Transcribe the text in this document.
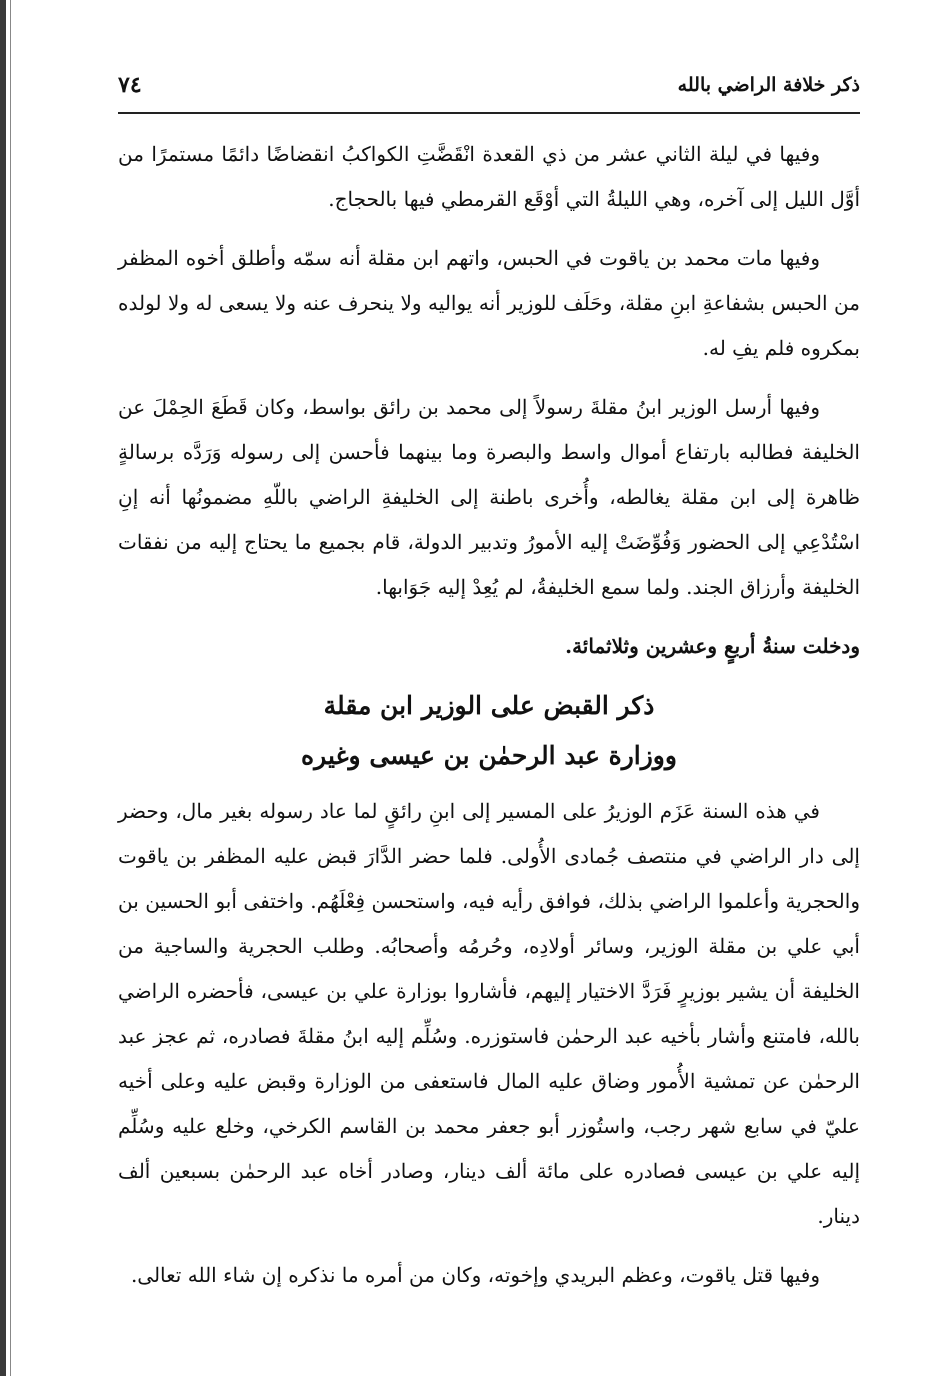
ذكر خلافة الراضي بالله
٧٤

وفيها في ليلة الثاني عشر من ذي القعدة انْقَضَّتِ الكواكبُ انقضاضًا دائمًا مستمرًا من أوَّل الليل إلى آخره، وهي الليلةُ التي أوْقَع القرمطي فيها بالحجاج.

وفيها مات محمد بن ياقوت في الحبس، واتهم ابن مقلة أنه سمّه وأطلق أخوه المظفر من الحبس بشفاعةِ ابنِ مقلة، وحَلَف للوزير أنه يواليه ولا ينحرف عنه ولا يسعى له ولا لولده بمكروه فلم يفِ له.

وفيها أرسل الوزير ابنُ مقلةَ رسولاً إلى محمد بن رائق بواسط، وكان قَطَعَ الحِمْلَ عن الخليفة فطالبه بارتفاع أموال واسط والبصرة وما بينهما فأحسن إلى رسوله وَرَدَّه برسالةٍ ظاهرة إلى ابن مقلة يغالطه، وأُخرى باطنة إلى الخليفةِ الراضي باللّهِ مضمونُها أنه إنِ اسْتُدْعِي إلى الحضور وَفُوِّضَتْ إليه الأمورُ وتدبير الدولة، قام بجميع ما يحتاج إليه من نفقات الخليفة وأرزاق الجند. ولما سمع الخليفةُ، لم يُعِدْ إليه جَوَابها.

ودخلت سنةُ أربعٍ وعشرين وثلاثمائة.

ذكر القبض على الوزير ابن مقلة
ووزارة عبد الرحمٰن بن عيسى وغيره

في هذه السنة عَزَم الوزيرُ على المسير إلى ابنِ رائقٍ لما عاد رسوله بغير مال، وحضر إلى دار الراضي في منتصف جُمادى الأُولى. فلما حضر الدَّارَ قبض عليه المظفر بن ياقوت والحجرية وأعلموا الراضي بذلك، فوافق رأيه فيه، واستحسن فِعْلَهُم. واختفى أبو الحسين بن أبي علي بن مقلة الوزير، وسائر أولادِه، وحُرمُه وأصحابُه. وطلب الحجرية والساجية من الخليفة أن يشير بوزيرٍ فَرَدَّ الاختيار إليهم، فأشاروا بوزارة علي بن عيسى، فأحضره الراضي بالله، فامتنع وأشار بأخيه عبد الرحمٰن فاستوزره. وسُلِّم إليه ابنُ مقلةَ فصادره، ثم عجز عبد الرحمٰن عن تمشية الأُمور وضاق عليه المال فاستعفى من الوزارة وقبض عليه وعلى أخيه عليّ في سابع شهر رجب، واستُوزر أبو جعفر محمد بن القاسم الكرخي، وخلع عليه وسُلِّم إليه علي بن عيسى فصادره على مائة ألف دينار، وصادر أخاه عبد الرحمٰن بسبعين ألف دينار.

وفيها قتل ياقوت، وعظم البريدي وإخوته، وكان من أمره ما نذكره إن شاء الله تعالى.
